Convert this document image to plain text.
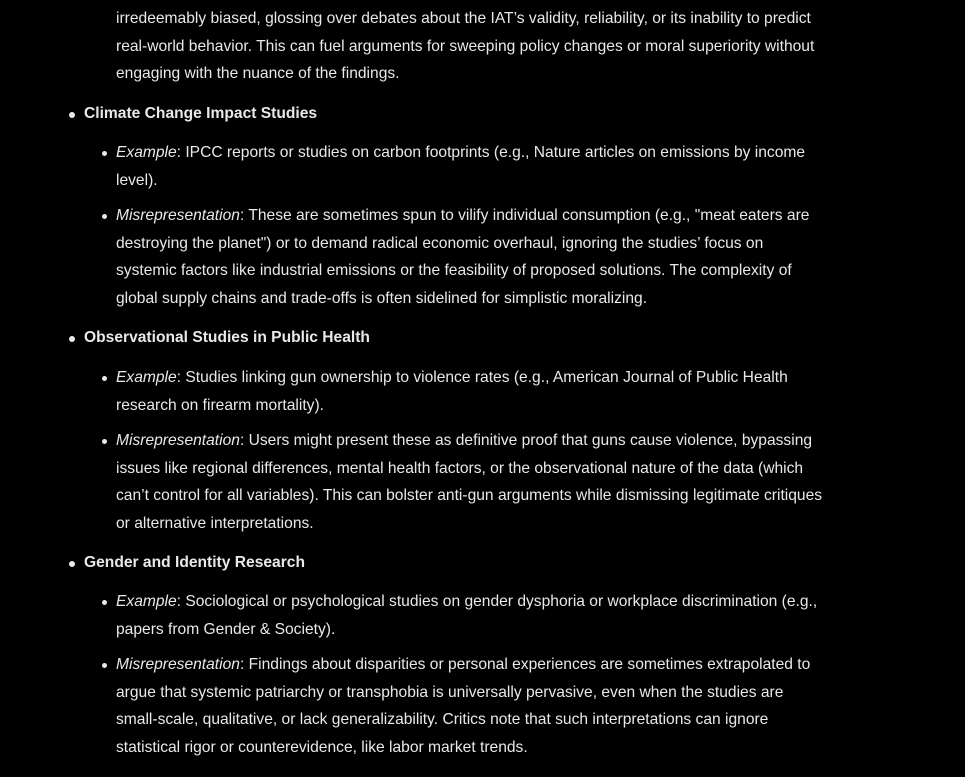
irredeemably biased, glossing over debates about the IAT’s validity, reliability, or its inability to predict real-world behavior. This can fuel arguments for sweeping policy changes or moral superiority without engaging with the nuance of the findings.
Climate Change Impact Studies
Example: IPCC reports or studies on carbon footprints (e.g., Nature articles on emissions by income level).
Misrepresentation: These are sometimes spun to vilify individual consumption (e.g., "meat eaters are destroying the planet") or to demand radical economic overhaul, ignoring the studies’ focus on systemic factors like industrial emissions or the feasibility of proposed solutions. The complexity of global supply chains and trade-offs is often sidelined for simplistic moralizing.
Observational Studies in Public Health
Example: Studies linking gun ownership to violence rates (e.g., American Journal of Public Health research on firearm mortality).
Misrepresentation: Users might present these as definitive proof that guns cause violence, bypassing issues like regional differences, mental health factors, or the observational nature of the data (which can’t control for all variables). This can bolster anti-gun arguments while dismissing legitimate critiques or alternative interpretations.
Gender and Identity Research
Example: Sociological or psychological studies on gender dysphoria or workplace discrimination (e.g., papers from Gender & Society).
Misrepresentation: Findings about disparities or personal experiences are sometimes extrapolated to argue that systemic patriarchy or transphobia is universally pervasive, even when the studies are small-scale, qualitative, or lack generalizability. Critics note that such interpretations can ignore statistical rigor or counterevidence, like labor market trends.
